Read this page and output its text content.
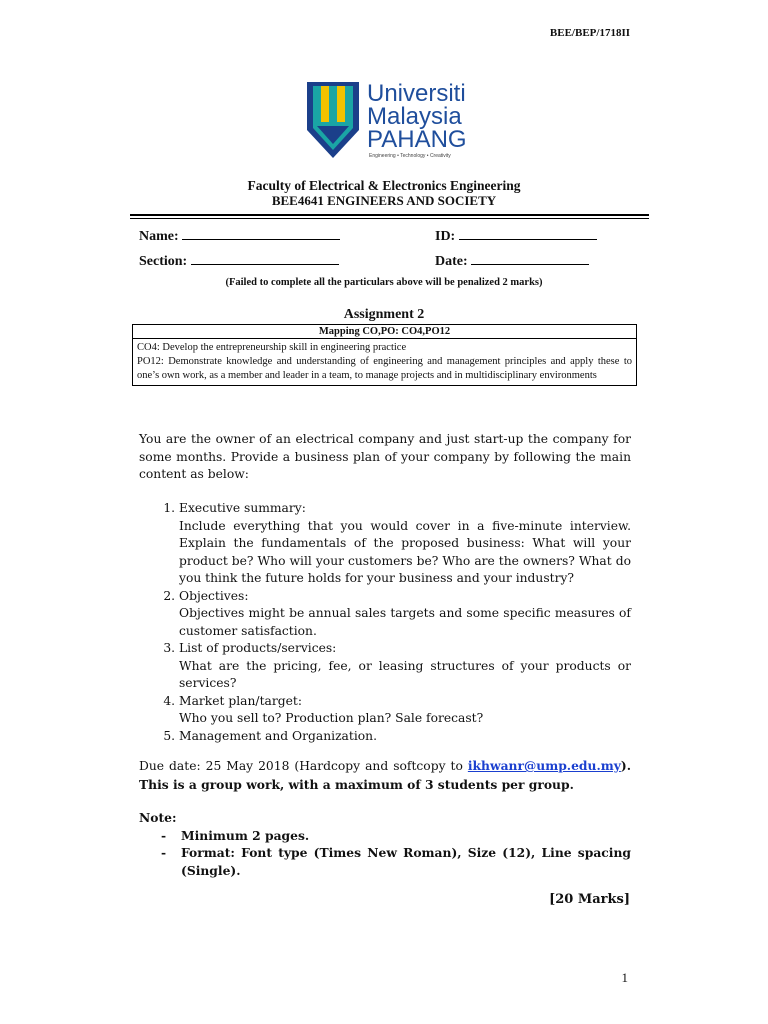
BEE/BEP/1718II
Universiti
Malaysia
PAHANG
Engineering • Technology • Creativity
Faculty of Electrical & Electronics Engineering
BEE4641 ENGINEERS AND SOCIETY
Name:	ID:
Section:	Date:
(Failed to complete all the particulars above will be penalized 2 marks)
Assignment 2
Mapping CO,PO: CO4,PO12
CO4: Develop the entrepreneurship skill in engineering practice
PO12: Demonstrate knowledge and understanding of engineering and management principles and apply these to one’s own work, as a member and leader in a team, to manage projects and in multidisciplinary environments
You are the owner of an electrical company and just start-up the company for some months. Provide a business plan of your company by following the main content as below:
1. Executive summary:
Include everything that you would cover in a five-minute interview. Explain the fundamentals of the proposed business: What will your product be? Who will your customers be? Who are the owners? What do you think the future holds for your business and your industry?
2. Objectives:
Objectives might be annual sales targets and some specific measures of customer satisfaction.
3. List of products/services:
What are the pricing, fee, or leasing structures of your products or services?
4. Market plan/target:
Who you sell to? Production plan? Sale forecast?
5. Management and Organization.
Due date: 25 May 2018 (Hardcopy and softcopy to ikhwanr@ump.edu.my). This is a group work, with a maximum of 3 students per group.
Note:
- Minimum 2 pages.
- Format: Font type (Times New Roman), Size (12), Line spacing (Single).
[20 Marks]
1
